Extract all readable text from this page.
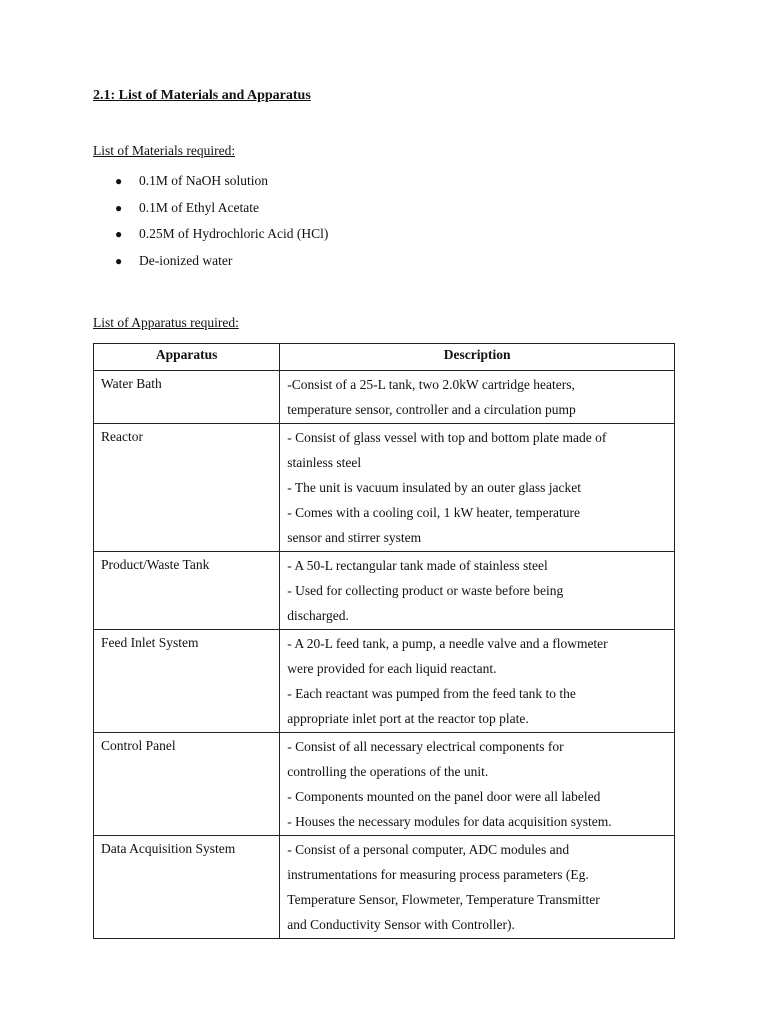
2.1: List of Materials and Apparatus
List of Materials required:
● 0.1M of NaOH solution
● 0.1M of Ethyl Acetate
● 0.25M of Hydrochloric Acid (HCl)
● De-ionized water
List of Apparatus required:
Apparatus	Description
Water Bath	-Consist of a 25-L tank, two 2.0kW cartridge heaters,
temperature sensor, controller and a circulation pump

Reactor	- Consist of glass vessel with top and bottom plate made of
stainless steel
- The unit is vacuum insulated by an outer glass jacket
- Comes with a cooling coil, 1 kW heater, temperature
sensor and stirrer system

Product/Waste Tank	- A 50-L rectangular tank made of stainless steel
- Used for collecting product or waste before being
discharged.

Feed Inlet System	- A 20-L feed tank, a pump, a needle valve and a flowmeter
were provided for each liquid reactant.
- Each reactant was pumped from the feed tank to the
appropriate inlet port at the reactor top plate.

Control Panel	- Consist of all necessary electrical components for
controlling the operations of the unit.
- Components mounted on the panel door were all labeled
- Houses the necessary modules for data acquisition system.

Data Acquisition System	- Consist of a personal computer, ADC modules and
instrumentations for measuring process parameters (Eg.
Temperature Sensor, Flowmeter, Temperature Transmitter
and Conductivity Sensor with Controller).
